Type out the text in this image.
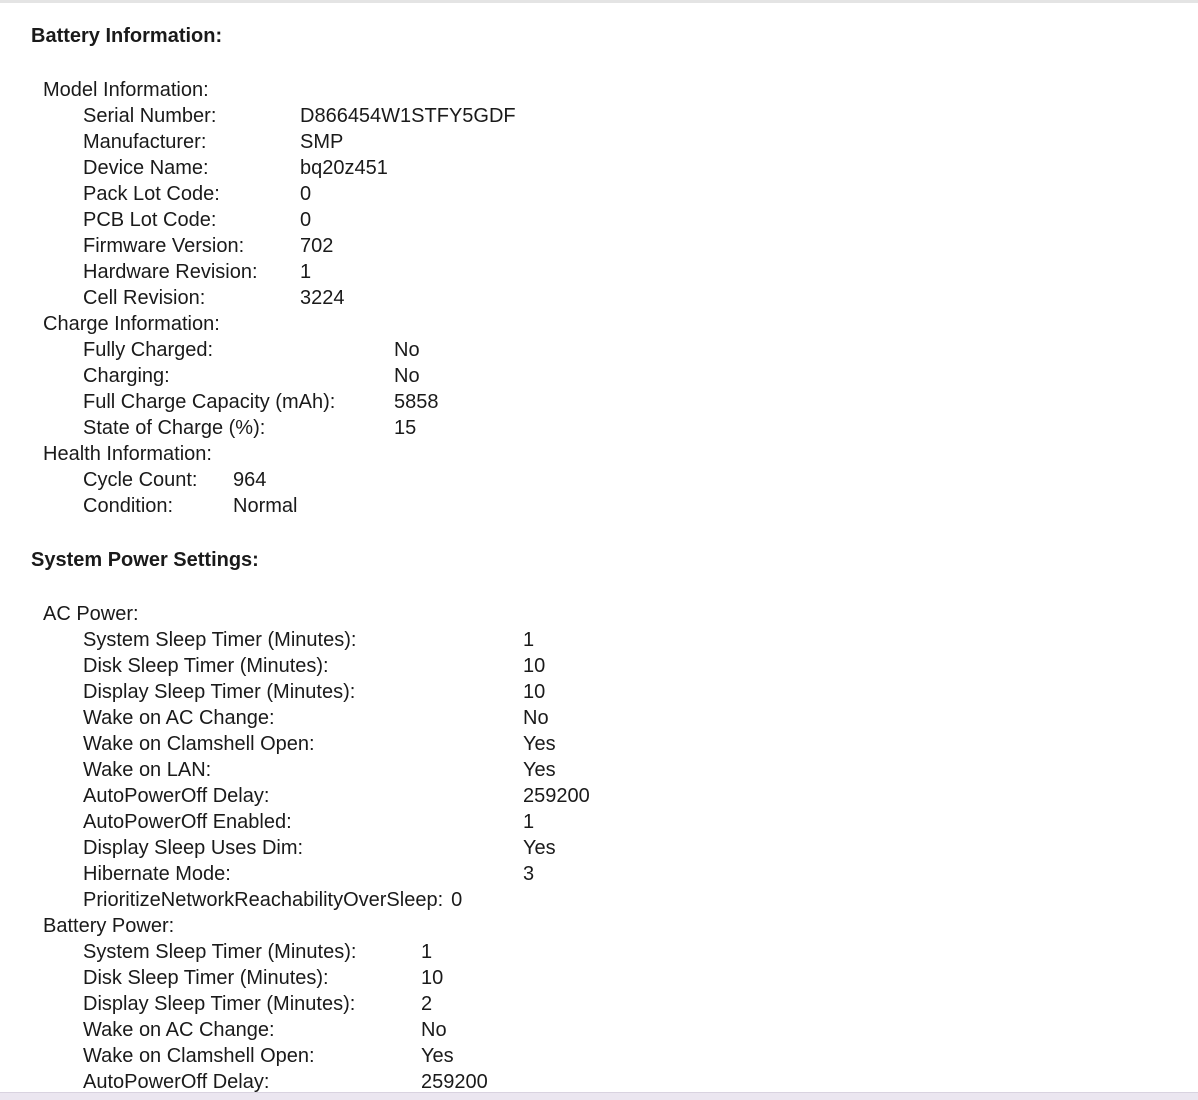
Battery Information:
Model Information:
Serial Number:	D866454W1STFY5GDF
Manufacturer:	SMP
Device Name:	bq20z451
Pack Lot Code:	0
PCB Lot Code:	0
Firmware Version:	702
Hardware Revision:	1
Cell Revision:	3224
Charge Information:
Fully Charged:	No
Charging:	No
Full Charge Capacity (mAh):	5858
State of Charge (%):	15
Health Information:
Cycle Count:	964
Condition:	Normal
System Power Settings:
AC Power:
System Sleep Timer (Minutes):	1
Disk Sleep Timer (Minutes):	10
Display Sleep Timer (Minutes):	10
Wake on AC Change:	No
Wake on Clamshell Open:	Yes
Wake on LAN:	Yes
AutoPowerOff Delay:	259200
AutoPowerOff Enabled:	1
Display Sleep Uses Dim:	Yes
Hibernate Mode:	3
PrioritizeNetworkReachabilityOverSleep: 0
Battery Power:
System Sleep Timer (Minutes):	1
Disk Sleep Timer (Minutes):	10
Display Sleep Timer (Minutes):	2
Wake on AC Change:	No
Wake on Clamshell Open:	Yes
AutoPowerOff Delay:	259200
